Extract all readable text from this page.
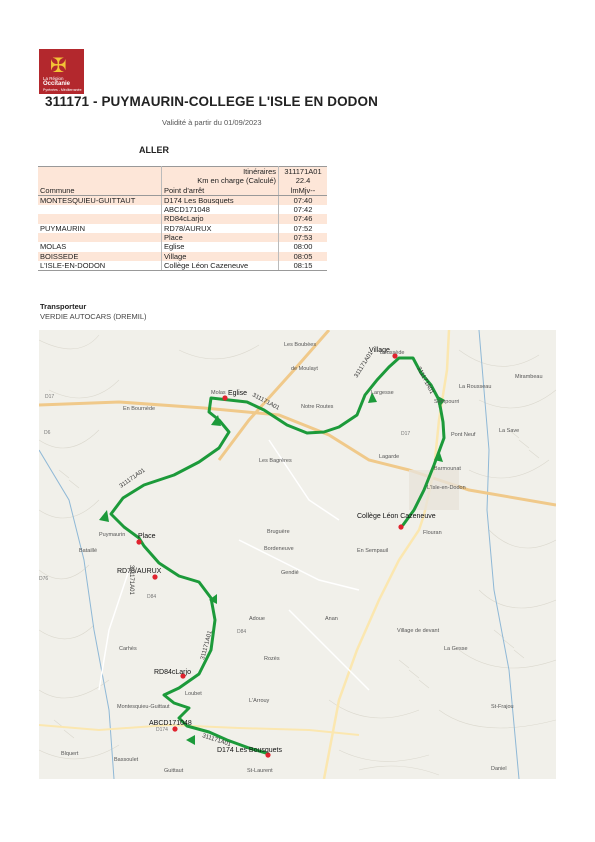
✠
La Région
Occitanie
Pyrénées - Méditerranée
311171 - PUYMAURIN-COLLEGE L'ISLE EN DODON
Validité à partir du 01/09/2023
ALLER
	Itinéraires	311171A01
	Km en charge (Calculé)	22.4
Commune	Point d'arrêt	lmMjv--
MONTESQUIEU-GUITTAUT	D174 Les Bousquets	07:40
	ABCD171048	07:42
	RD84cLarjo	07:46
PUYMAURIN	RD78/AURUX	07:52
	Place	07:53
MOLAS	Eglise	08:00
BOISSEDE	Village	08:05
L'ISLE-EN-DODON	Collège Léon Cazeneuve	08:15
Transporteur
VERDIE AUTOCARS (DREMIL)
Eglise
Village
Collège Léon Cazeneuve
Place
RD78/AURUX
RD84cLarjo
ABCD171048
D174 Les Bousquets
311171A01
311171A01
311171A01
311171A01
311171A01
311171A01
311171A01
Les Boubèes
Boussède
Molas
de Moulayt
En Bournède	Notre Routes
Largesse
La Rousseau
Mirambeau
Sémpourri
Pont Neuf
Lagarde
Les Bagrères
Barmounat
L'Isle-en-Dodon
Puymaurin
Bataillé
Bruguère
Bordeneuve	En Sempauil
Flouran
Gendié
Adoue	Anan
Village de devant
Rozès
Carhès
Loubet
Montesquieu-Guittaut
L'Arrouy
St-Frajou
Blquert
Bassoulet
Guittaut	St-Laurent	Daniel
La Save
La Gesse
D17
D6	D17
D174
D84
D76
D84
